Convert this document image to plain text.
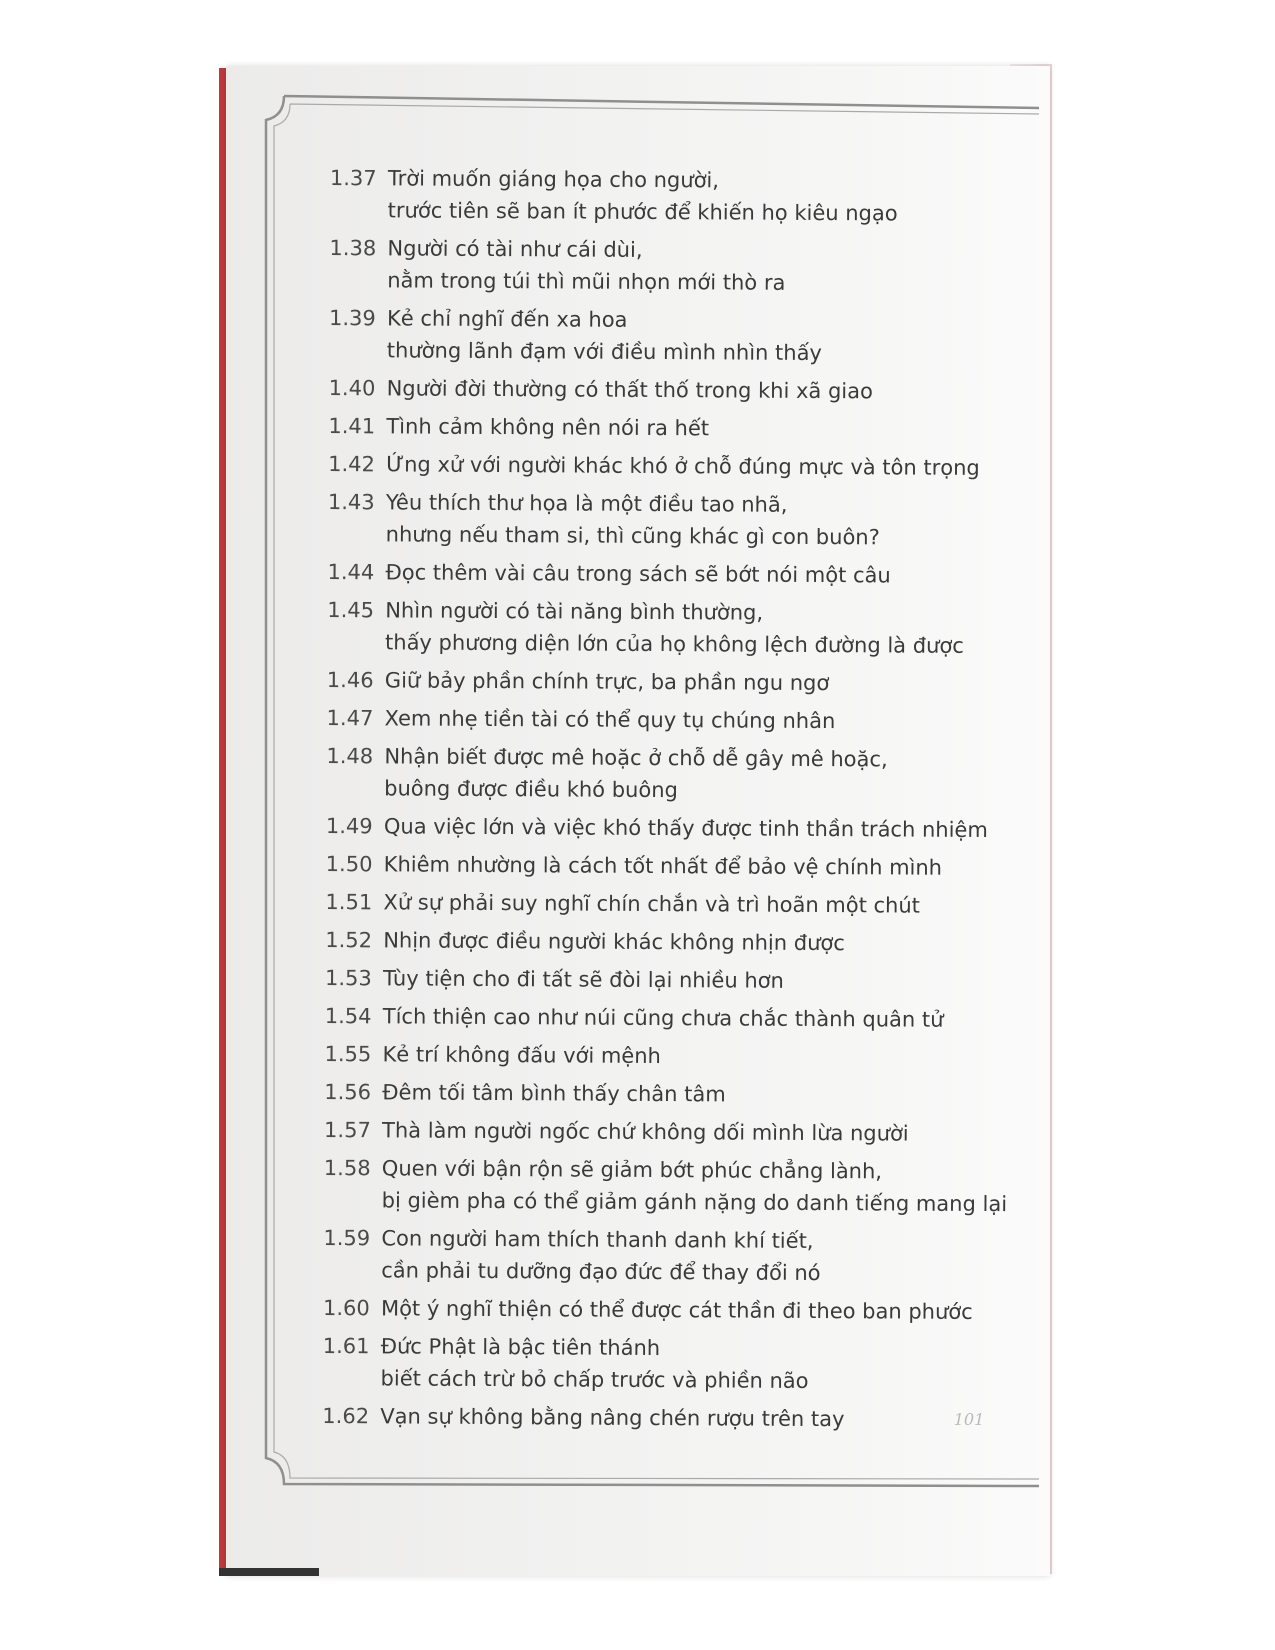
1.37 Trời muốn giáng họa cho người,
trước tiên sẽ ban ít phước để khiến họ kiêu ngạo
1.38 Người có tài như cái dùi,
nằm trong túi thì mũi nhọn mới thò ra
1.39 Kẻ chỉ nghĩ đến xa hoa
thường lãnh đạm với điều mình nhìn thấy
1.40 Người đời thường có thất thố trong khi xã giao
1.41 Tình cảm không nên nói ra hết
1.42 Ứng xử với người khác khó ở chỗ đúng mực và tôn trọng
1.43 Yêu thích thư họa là một điều tao nhã,
nhưng nếu tham si, thì cũng khác gì con buôn?
1.44 Đọc thêm vài câu trong sách sẽ bớt nói một câu
1.45 Nhìn người có tài năng bình thường,
thấy phương diện lớn của họ không lệch đường là được
1.46 Giữ bảy phần chính trực, ba phần ngu ngơ
1.47 Xem nhẹ tiền tài có thể quy tụ chúng nhân
1.48 Nhận biết được mê hoặc ở chỗ dễ gây mê hoặc,
buông được điều khó buông
1.49 Qua việc lớn và việc khó thấy được tinh thần trách nhiệm
1.50 Khiêm nhường là cách tốt nhất để bảo vệ chính mình
1.51 Xử sự phải suy nghĩ chín chắn và trì hoãn một chút
1.52 Nhịn được điều người khác không nhịn được
1.53 Tùy tiện cho đi tất sẽ đòi lại nhiều hơn
1.54 Tích thiện cao như núi cũng chưa chắc thành quân tử
1.55 Kẻ trí không đấu với mệnh
1.56 Đêm tối tâm bình thấy chân tâm
1.57 Thà làm người ngốc chứ không dối mình lừa người
1.58 Quen với bận rộn sẽ giảm bớt phúc chẳng lành,
bị gièm pha có thể giảm gánh nặng do danh tiếng mang lại
1.59 Con người ham thích thanh danh khí tiết,
cần phải tu dưỡng đạo đức để thay đổi nó
1.60 Một ý nghĩ thiện có thể được cát thần đi theo ban phước
1.61 Đức Phật là bậc tiên thánh
biết cách trừ bỏ chấp trước và phiền não
1.62 Vạn sự không bằng nâng chén rượu trên tay	101
